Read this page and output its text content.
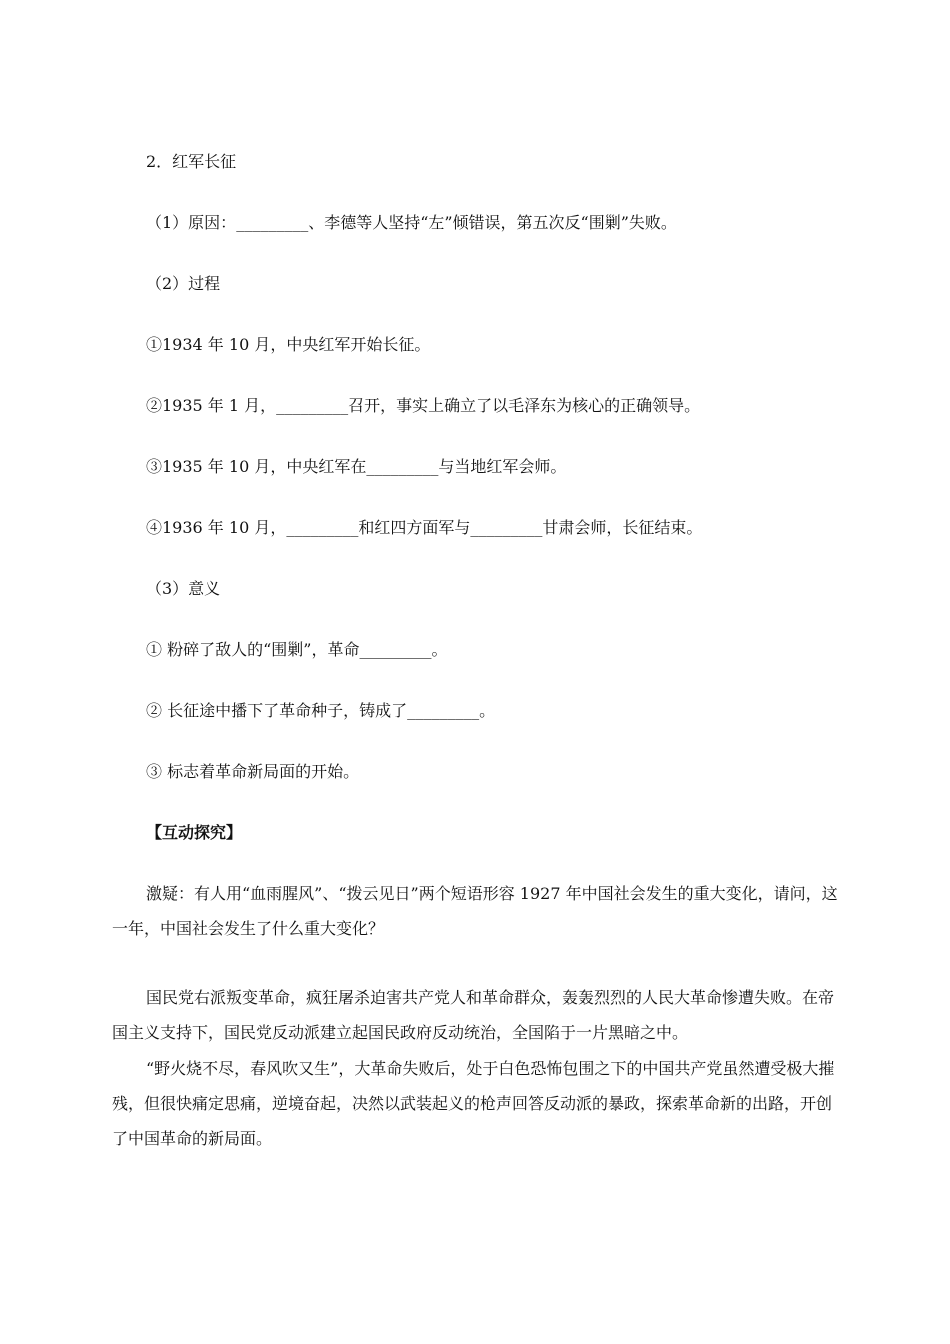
2．红军长征
（1）原因：_________、李德等人坚持“左”倾错误，第五次反“围剿”失败。
（2）过程
①1934 年 10 月，中央红军开始长征。
②1935 年 1 月，_________召开，事实上确立了以毛泽东为核心的正确领导。
③1935 年 10 月，中央红军在_________与当地红军会师。
④1936 年 10 月，_________和红四方面军与_________甘肃会师，长征结束。
（3）意义
① 粉碎了敌人的“围剿”，革命_________。
② 长征途中播下了革命种子，铸成了_________。
③ 标志着革命新局面的开始。
【互动探究】
激疑：有人用“血雨腥风”、“拨云见日”两个短语形容 1927 年中国社会发生的重大变化，请问，这一年，中国社会发生了什么重大变化？
国民党右派叛变革命，疯狂屠杀迫害共产党人和革命群众，轰轰烈烈的人民大革命惨遭失败。在帝国主义支持下，国民党反动派建立起国民政府反动统治，全国陷于一片黑暗之中。
“野火烧不尽，春风吹又生”，大革命失败后，处于白色恐怖包围之下的中国共产党虽然遭受极大摧残，但很快痛定思痛，逆境奋起，决然以武装起义的枪声回答反动派的暴政，探索革命新的出路，开创了中国革命的新局面。
